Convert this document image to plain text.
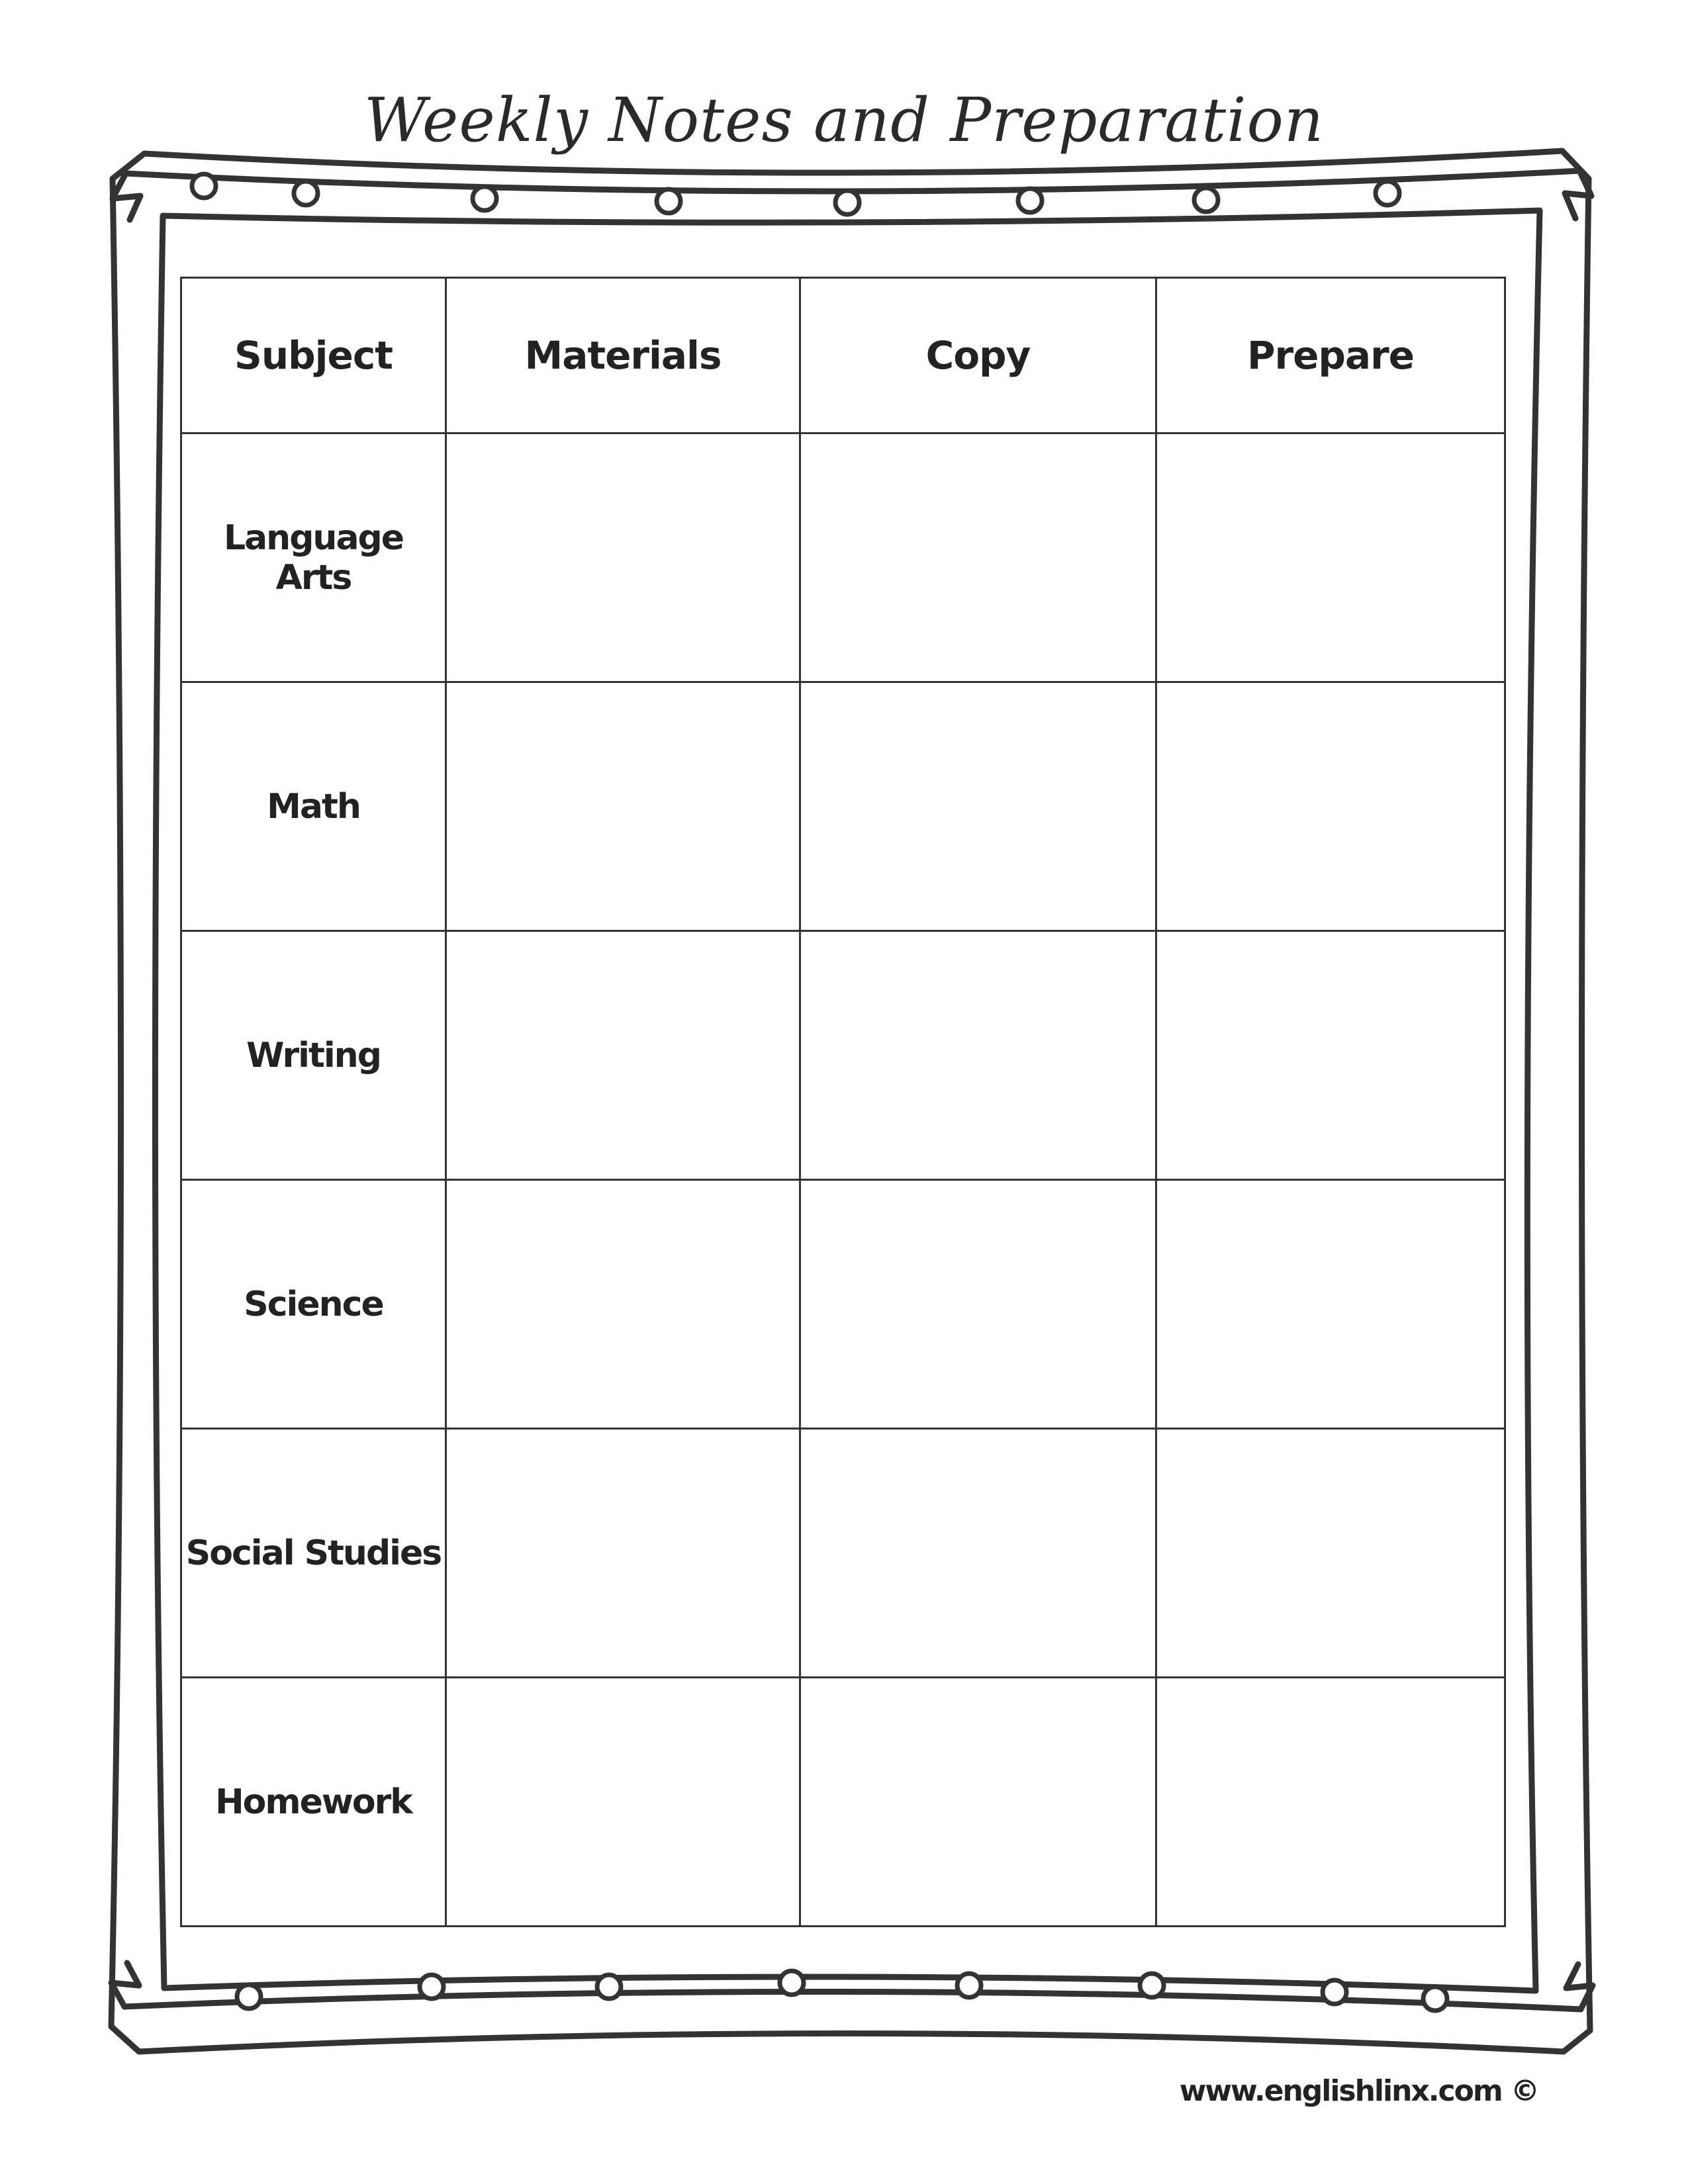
Weekly Notes and Preparation
Subject	Materials	Copy	Prepare
Language Arts			
Math			
Writing			
Science			
Social Studies			
Homework			
www.englishlinx.com ©
